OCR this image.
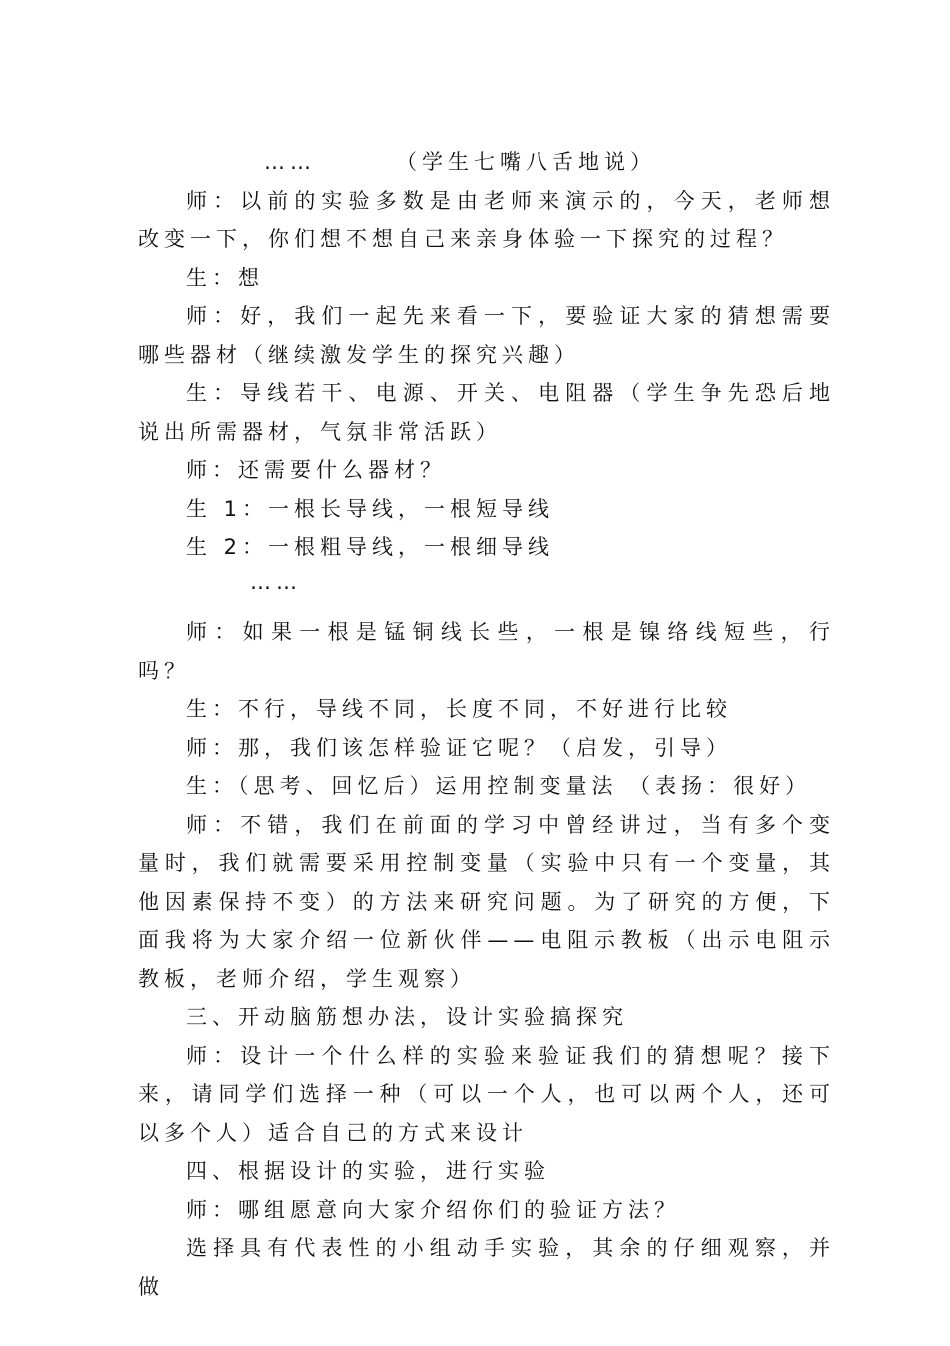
……	（学生七嘴八舌地说）

师：以前的实验多数是由老师来演示的，今天，老师想改变一下，你们想不想自己来亲身体验一下探究的过程？

生：想

师：好，我们一起先来看一下，要验证大家的猜想需要哪些器材（继续激发学生的探究兴趣）

生：导线若干、电源、开关、电阻器（学生争先恐后地说出所需器材，气氛非常活跃）

师：还需要什么器材？

生 1：一根长导线，一根短导线

生 2：一根粗导线，一根细导线

……

师：如果一根是锰铜线长些，一根是镍络线短些，行吗？

生：不行，导线不同，长度不同，不好进行比较

师：那，我们该怎样验证它呢？（启发，引导）

生：（思考、回忆后）运用控制变量法 （表扬：很好）

师：不错，我们在前面的学习中曾经讲过，当有多个变量时，我们就需要采用控制变量（实验中只有一个变量，其他因素保持不变）的方法来研究问题。为了研究的方便，下面我将为大家介绍一位新伙伴——电阻示教板（出示电阻示教板，老师介绍，学生观察）

三、开动脑筋想办法，设计实验搞探究

师：设计一个什么样的实验来验证我们的猜想呢？接下来，请同学们选择一种（可以一个人，也可以两个人，还可以多个人）适合自己的方式来设计

四、根据设计的实验，进行实验

师：哪组愿意向大家介绍你们的验证方法？

选择具有代表性的小组动手实验，其余的仔细观察，并做
